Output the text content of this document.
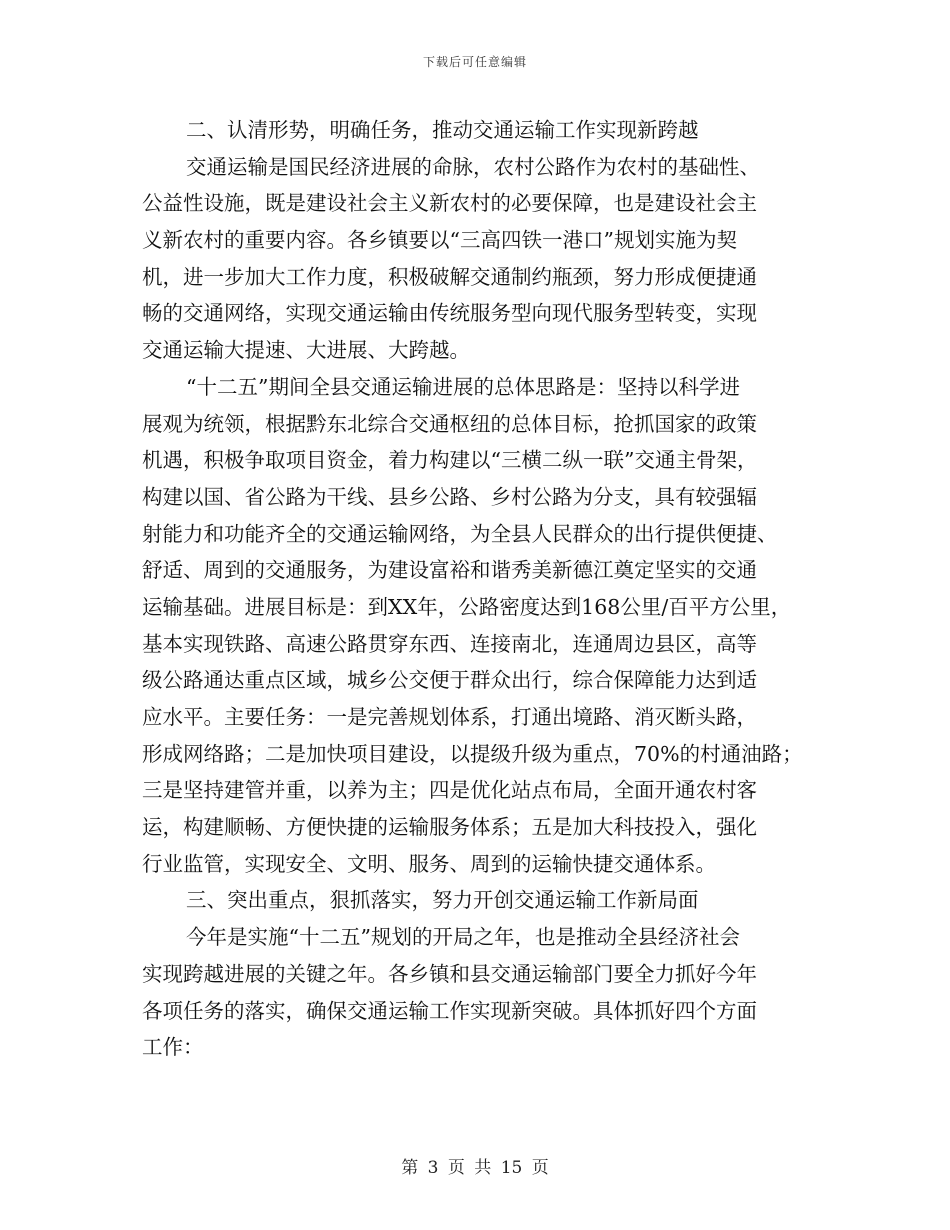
下载后可任意编辑
二、认清形势，明确任务，推动交通运输工作实现新跨越
交通运输是国民经济进展的命脉，农村公路作为农村的基础性、
公益性设施，既是建设社会主义新农村的必要保障，也是建设社会主
义新农村的重要内容。各乡镇要以“三高四铁一港口”规划实施为契
机，进一步加大工作力度，积极破解交通制约瓶颈，努力形成便捷通
畅的交通网络，实现交通运输由传统服务型向现代服务型转变，实现
交通运输大提速、大进展、大跨越。
“十二五”期间全县交通运输进展的总体思路是：坚持以科学进
展观为统领，根据黔东北综合交通枢纽的总体目标，抢抓国家的政策
机遇，积极争取项目资金，着力构建以“三横二纵一联”交通主骨架，
构建以国、省公路为干线、县乡公路、乡村公路为分支，具有较强辐
射能力和功能齐全的交通运输网络，为全县人民群众的出行提供便捷、
舒适、周到的交通服务，为建设富裕和谐秀美新德江奠定坚实的交通
运输基础。进展目标是：到XX年，公路密度达到168公里/百平方公里，
基本实现铁路、高速公路贯穿东西、连接南北，连通周边县区，高等
级公路通达重点区域，城乡公交便于群众出行，综合保障能力达到适
应水平。主要任务：一是完善规划体系，打通出境路、消灭断头路，
形成网络路；二是加快项目建设，以提级升级为重点，70%的村通油路；
三是坚持建管并重，以养为主；四是优化站点布局，全面开通农村客
运，构建顺畅、方便快捷的运输服务体系；五是加大科技投入，强化
行业监管，实现安全、文明、服务、周到的运输快捷交通体系。
三、突出重点，狠抓落实，努力开创交通运输工作新局面
今年是实施“十二五”规划的开局之年，也是推动全县经济社会
实现跨越进展的关键之年。各乡镇和县交通运输部门要全力抓好今年
各项任务的落实，确保交通运输工作实现新突破。具体抓好四个方面
工作：
第 3 页 共 15 页
